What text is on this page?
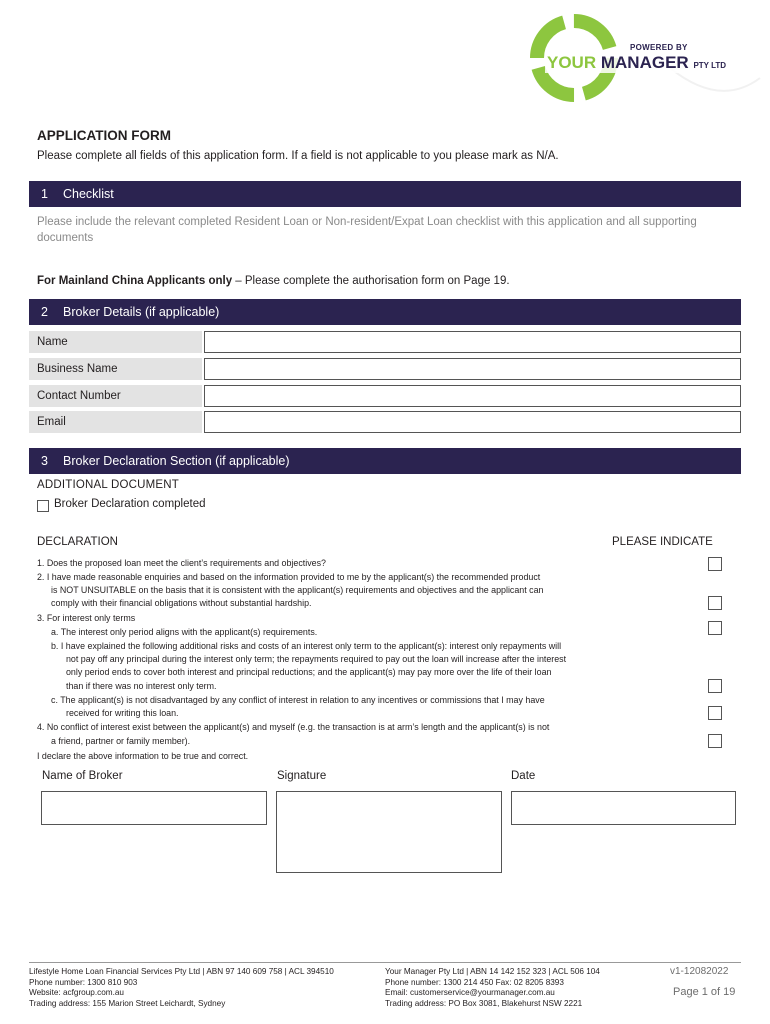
POWERED BY
YOUR MANAGER PTY LTD
APPLICATION FORM
Please complete all fields of this application form. If a field is not applicable to you please mark as N/A.
1 Checklist
Please include the relevant completed Resident Loan or Non-resident/Expat Loan checklist with this application and all supporting documents
For Mainland China Applicants only – Please complete the authorisation form on Page 19.
2 Broker Details (if applicable)
Name
Business Name
Contact Number
Email
3 Broker Declaration Section (if applicable)
ADDITIONAL DOCUMENT
Broker Declaration completed
DECLARATION	PLEASE INDICATE
1. Does the proposed loan meet the client’s requirements and objectives?
2. I have made reasonable enquiries and based on the information provided to me by the applicant(s) the recommended product
is NOT UNSUITABLE on the basis that it is consistent with the applicant(s) requirements and objectives and the applicant can
comply with their financial obligations without substantial hardship.
3. For interest only terms
a. The interest only period aligns with the applicant(s) requirements.
b. I have explained the following additional risks and costs of an interest only term to the applicant(s): interest only repayments will
not pay off any principal during the interest only term; the repayments required to pay out the loan will increase after the interest
only period ends to cover both interest and principal reductions; and the applicant(s) may pay more over the life of their loan
than if there was no interest only term.
c. The applicant(s) is not disadvantaged by any conflict of interest in relation to any incentives or commissions that I may have
received for writing this loan.
4. No conflict of interest exist between the applicant(s) and myself (e.g. the transaction is at arm’s length and the applicant(s) is not
a friend, partner or family member).
I declare the above information to be true and correct.
Name of Broker	Signature	Date
Lifestyle Home Loan Financial Services Pty Ltd | ABN 97 140 609 758 | ACL 394510
Phone number: 1300 810 903
Website: acfgroup.com.au
Trading address: 155 Marion Street Leichardt, Sydney
Your Manager Pty Ltd | ABN 14 142 152 323 | ACL 506 104
Phone number: 1300 214 450 Fax: 02 8205 8393
Email: customerservice@yourmanager.com.au
Trading address: PO Box 3081, Blakehurst NSW 2221
v1-12082022
Page 1 of 19
